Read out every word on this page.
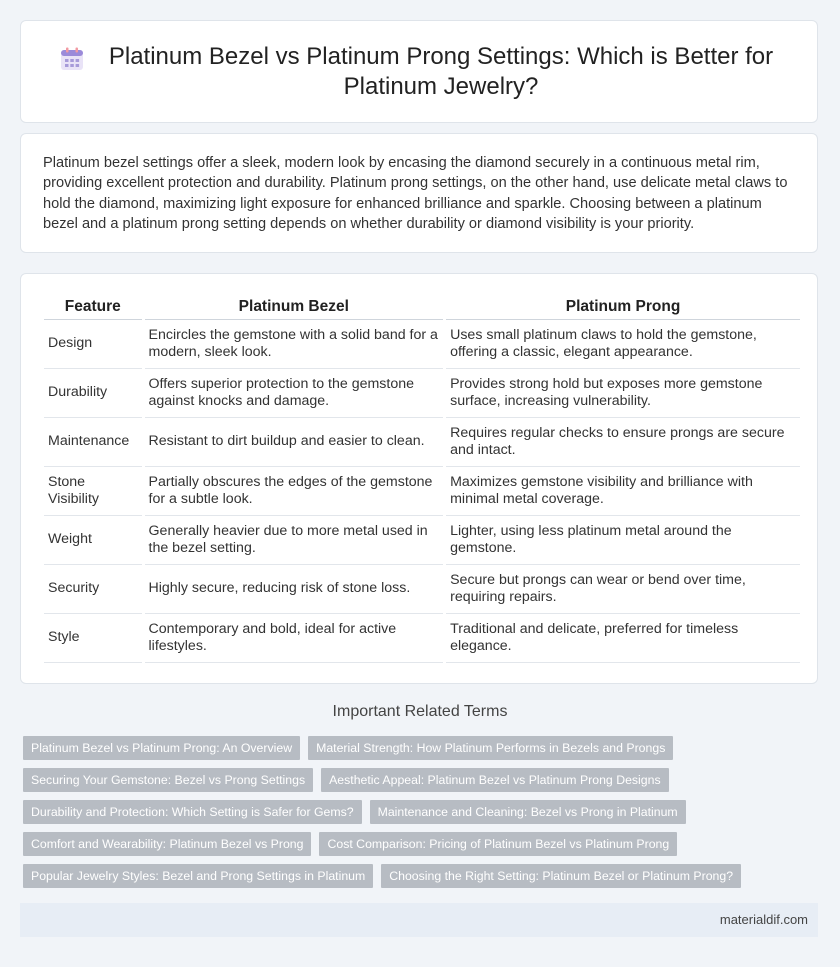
Platinum Bezel vs Platinum Prong Settings: Which is Better for Platinum Jewelry?

Platinum bezel settings offer a sleek, modern look by encasing the diamond securely in a continuous metal rim, providing excellent protection and durability. Platinum prong settings, on the other hand, use delicate metal claws to hold the diamond, maximizing light exposure for enhanced brilliance and sparkle. Choosing between a platinum bezel and a platinum prong setting depends on whether durability or diamond visibility is your priority.

Feature	Platinum Bezel	Platinum Prong
Design	Encircles the gemstone with a solid band for a modern, sleek look.	Uses small platinum claws to hold the gemstone, offering a classic, elegant appearance.
Durability	Offers superior protection to the gemstone against knocks and damage.	Provides strong hold but exposes more gemstone surface, increasing vulnerability.
Maintenance	Resistant to dirt buildup and easier to clean.	Requires regular checks to ensure prongs are secure and intact.
Stone Visibility	Partially obscures the edges of the gemstone for a subtle look.	Maximizes gemstone visibility and brilliance with minimal metal coverage.
Weight	Generally heavier due to more metal used in the bezel setting.	Lighter, using less platinum metal around the gemstone.
Security	Highly secure, reducing risk of stone loss.	Secure but prongs can wear or bend over time, requiring repairs.
Style	Contemporary and bold, ideal for active lifestyles.	Traditional and delicate, preferred for timeless elegance.
Important Related Terms
Platinum Bezel vs Platinum Prong: An Overview	Material Strength: How Platinum Performs in Bezels and Prongs
Securing Your Gemstone: Bezel vs Prong Settings	Aesthetic Appeal: Platinum Bezel vs Platinum Prong Designs
Durability and Protection: Which Setting is Safer for Gems?	Maintenance and Cleaning: Bezel vs Prong in Platinum
Comfort and Wearability: Platinum Bezel vs Prong	Cost Comparison: Pricing of Platinum Bezel vs Platinum Prong
Popular Jewelry Styles: Bezel and Prong Settings in Platinum	Choosing the Right Setting: Platinum Bezel or Platinum Prong?
materialdif.com
